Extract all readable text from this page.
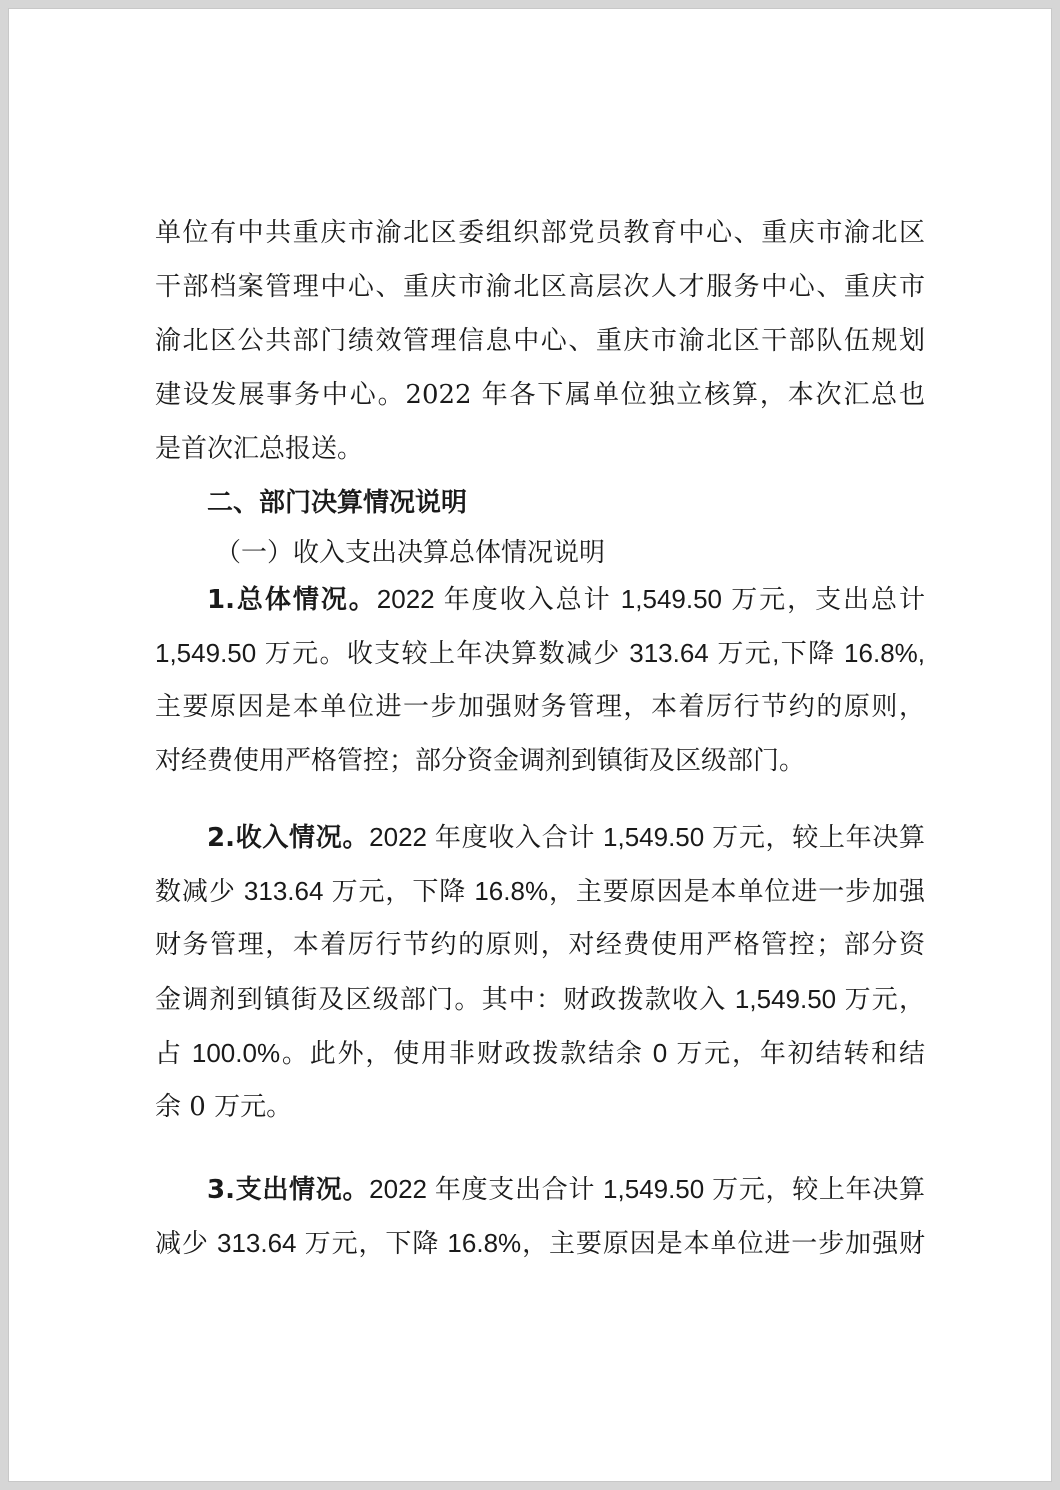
单位有中共重庆市渝北区委组织部党员教育中心、重庆市渝北区
干部档案管理中心、重庆市渝北区高层次人才服务中心、重庆市
渝北区公共部门绩效管理信息中心、重庆市渝北区干部队伍规划
建设发展事务中心。2022 年各下属单位独立核算，本次汇总也
是首次汇总报送。
二、部门决算情况说明
（一）收入支出决算总体情况说明
1.总体情况。2022 年度收入总计 1,549.50 万元，支出总计
1,549.50 万元。收支较上年决算数减少 313.64 万元,下降 16.8%,
主要原因是本单位进一步加强财务管理，本着厉行节约的原则，
对经费使用严格管控；部分资金调剂到镇街及区级部门。
2.收入情况。2022 年度收入合计 1,549.50 万元，较上年决算
数减少 313.64 万元，下降 16.8%，主要原因是本单位进一步加强
财务管理，本着厉行节约的原则，对经费使用严格管控；部分资
金调剂到镇街及区级部门。其中：财政拨款收入 1,549.50 万元，
占 100.0%。此外，使用非财政拨款结余 0 万元，年初结转和结
余 0 万元。
3.支出情况。2022 年度支出合计 1,549.50 万元，较上年决算
减少 313.64 万元，下降 16.8%，主要原因是本单位进一步加强财
